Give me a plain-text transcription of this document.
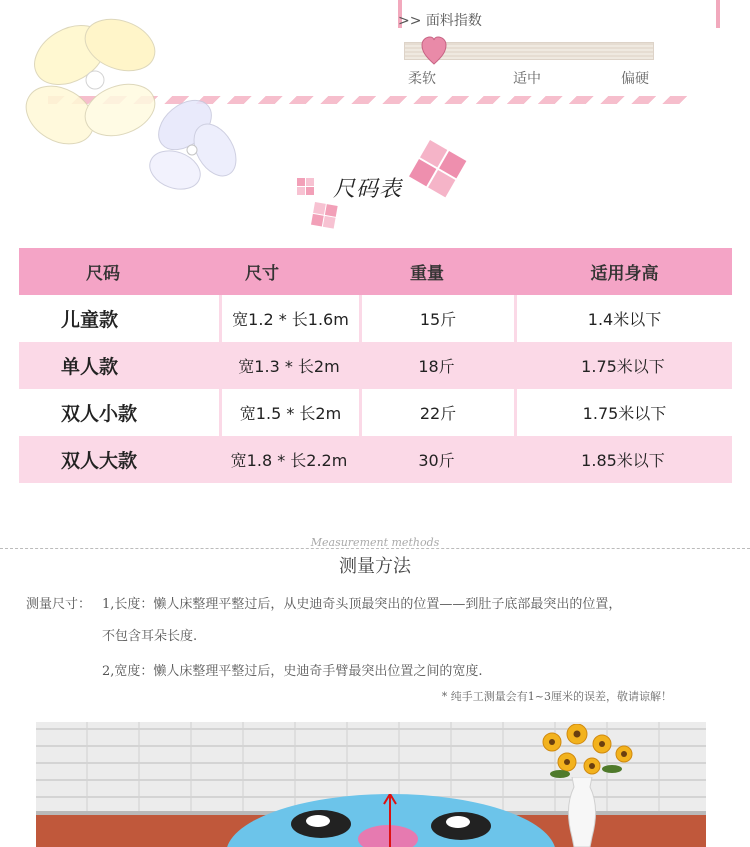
>> 面料指数
柔软	适中	偏硬
尺码表
尺码	尺寸	重量	适用身高
儿童款	宽1.2 * 长1.6m	15斤	1.4米以下
单人款	宽1.3 * 长2m	18斤	1.75米以下
双人小款	宽1.5 * 长2m	22斤	1.75米以下
双人大款	宽1.8 * 长2.2m	30斤	1.85米以下
Measurement methods
测量方法
测量尺寸： 1,长度：懒人床整理平整过后，从史迪奇头顶最突出的位置——到肚子底部最突出的位置，
不包含耳朵长度.
2,宽度：懒人床整理平整过后，史迪奇手臂最突出位置之间的宽度.
* 纯手工测量会有1~3厘米的误差，敬请谅解！
